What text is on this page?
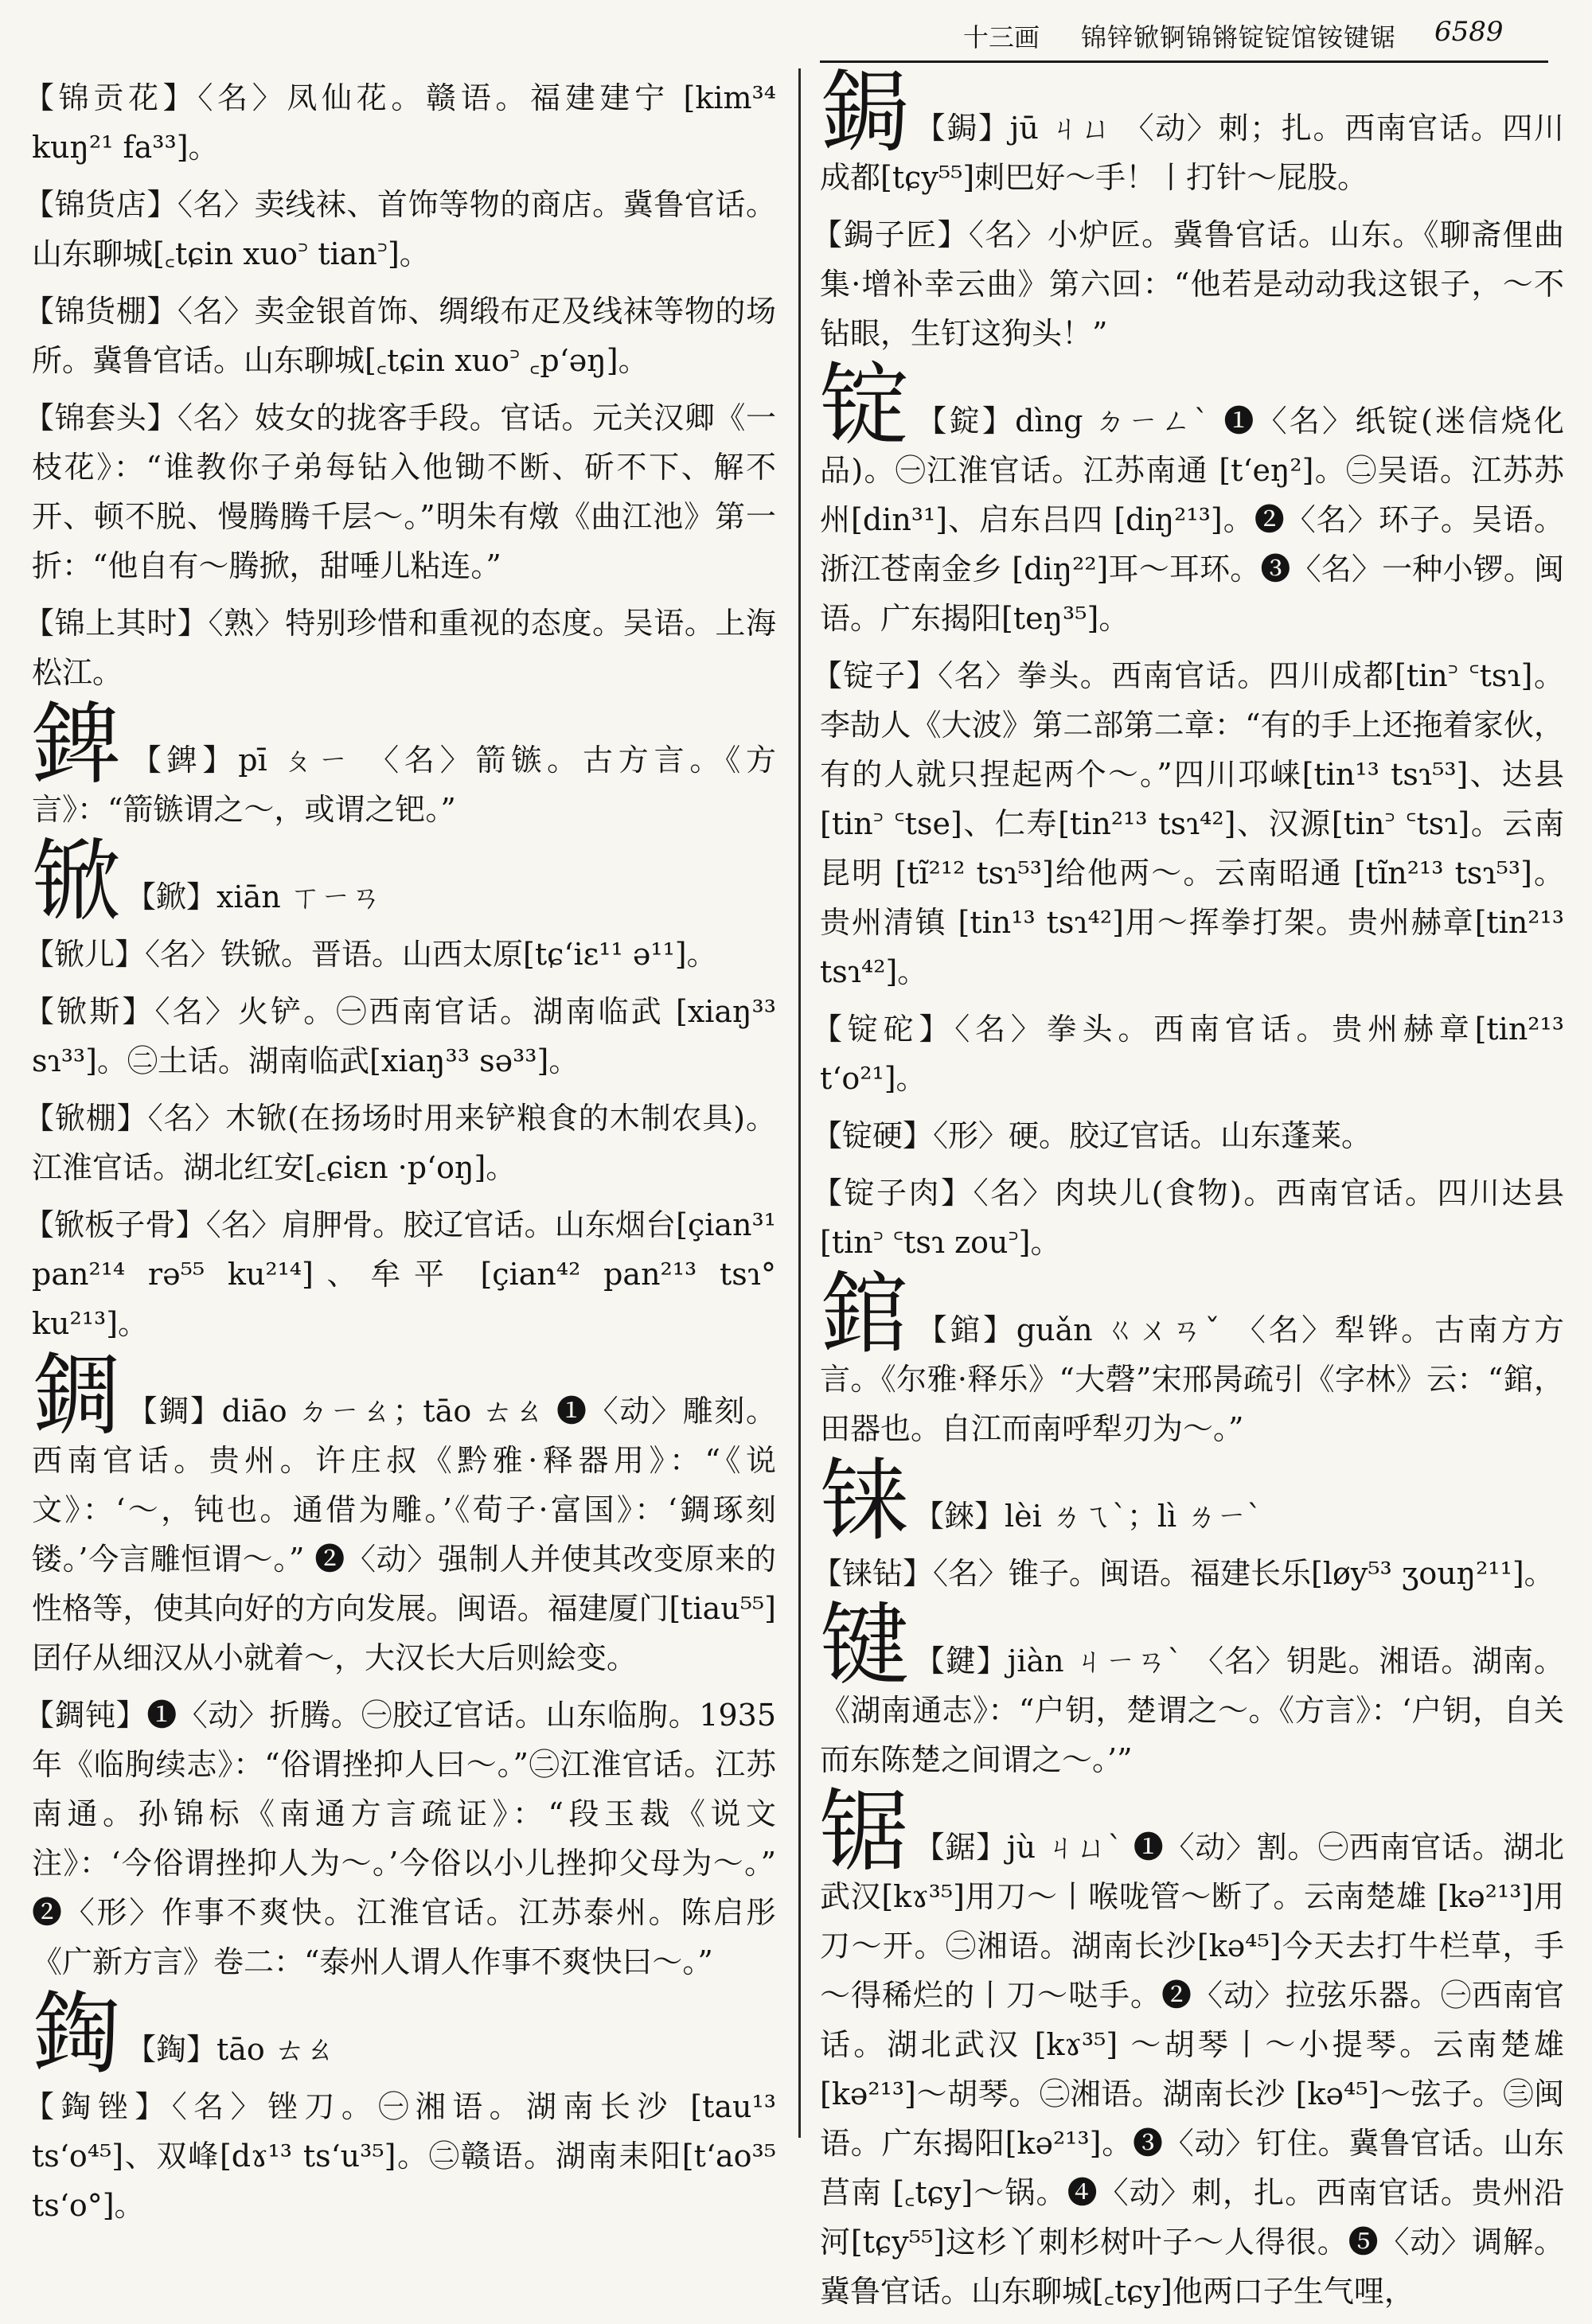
十三画 锦锌锨锕锦锵锭锭馆铵键锯 6589
【锦贡花】〈名〉凤仙花。赣语。福建建宁 [kim³⁴ kuŋ²¹ fa³³]。
【锦货店】〈名〉卖线袜、首饰等物的商店。冀鲁官话。山东聊城[꜀tɕin xuo꜄ tian꜄]。
【锦货棚】〈名〉卖金银首饰、绸缎布疋及线袜等物的场所。冀鲁官话。山东聊城[꜀tɕin xuo꜄ ꜀p‘əŋ]。
【锦套头】〈名〉妓女的拢客手段。官话。元关汉卿《一枝花》：“谁教你子弟每钻入他锄不断、斫不下、解不开、顿不脱、慢腾腾千层～。”明朱有燉《曲江池》第一折：“他自有～腾掀，甜唾儿粘连。”
【锦上其时】〈熟〉特别珍惜和重视的态度。吴语。上海松江。
錍 【錍】pī ㄆㄧ 〈名〉箭镞。古方言。《方言》：“箭镞谓之～，或谓之钯。”
锨 【鍁】xiān ㄒㄧㄢ
【锨儿】〈名〉铁锨。晋语。山西太原[tɕ‘iɛ¹¹ ə¹¹]。
【锨斯】〈名〉火铲。㊀西南官话。湖南临武 [xiaŋ³³ sɿ³³]。㊁土话。湖南临武[xiaŋ³³ sə³³]。
【锨棚】〈名〉木锨(在扬场时用来铲粮食的木制农具)。江淮官话。湖北红安[꜀ɕiɛn ·p‘oŋ]。
【锨板子骨】〈名〉肩胛骨。胶辽官话。山东烟台[çian³¹ pan²¹⁴ rə⁵⁵ ku²¹⁴]、牟平 [çian⁴² pan²¹³ tsɿ° ku²¹³]。
錭 【錭】diāo ㄉㄧㄠ；tāo ㄊㄠ ❶〈动〉雕刻。西南官话。贵州。许庄叔《黔雅·释器用》：“《说文》：‘～，钝也。通借为雕。’《荀子·富国》：‘錭琢刻镂。’今言雕恒谓～。” ❷〈动〉强制人并使其改变原来的性格等，使其向好的方向发展。闽语。福建厦门[tiau⁵⁵]囝仔从细汉从小就着～，大汉长大后则絵变。
【錭钝】❶〈动〉折腾。㊀胶辽官话。山东临朐。1935年《临朐续志》：“俗谓挫抑人曰～。”㊁江淮官话。江苏南通。孙锦标《南通方言疏证》：“段玉裁《说文注》：‘今俗谓挫抑人为～。’今俗以小儿挫抑父母为～。” ❷〈形〉作事不爽快。江淮官话。江苏泰州。陈启彤《广新方言》卷二：“泰州人谓人作事不爽快曰～。”
鋾 【鋾】tāo ㄊㄠ
【鋾锉】〈名〉锉刀。㊀湘语。湖南长沙 [tau¹³ ts‘o⁴⁵]、双峰[dɤ¹³ ts‘u³⁵]。㊁赣语。湖南耒阳[t‘ao³⁵ ts‘o°]。
鋦 【鋦】jū ㄐㄩ 〈动〉刺；扎。西南官话。四川成都[tɕy⁵⁵]刺巴好～手！丨打针～屁股。
【鋦子匠】〈名〉小炉匠。冀鲁官话。山东。《聊斋俚曲集·增补幸云曲》第六回：“他若是动动我这银子，～不钻眼，生钉这狗头！”
锭 【錠】dìng ㄉㄧㄥˋ ❶〈名〉纸锭(迷信烧化品)。㊀江淮官话。江苏南通 [t‘eŋ²]。㊁吴语。江苏苏州[din³¹]、启东吕四 [diŋ²¹³]。❷〈名〉环子。吴语。浙江苍南金乡 [diŋ²²]耳～耳环。❸〈名〉一种小锣。闽语。广东揭阳[teŋ³⁵]。
【锭子】〈名〉拳头。西南官话。四川成都[tin꜄ ꜂tsɿ]。李劼人《大波》第二部第二章：“有的手上还拖着家伙，有的人就只捏起两个～。”四川邛崃[tin¹³ tsɿ⁵³]、达县[tin꜄ ꜂tse]、仁寿[tin²¹³ tsɿ⁴²]、汉源[tin꜄ ꜂tsɿ]。云南昆明 [tĩ²¹² tsɿ⁵³]给他两～。云南昭通 [tĩn²¹³ tsɿ⁵³]。贵州清镇 [tin¹³ tsɿ⁴²]用～挥拳打架。贵州赫章[tin²¹³ tsɿ⁴²]。
【锭砣】〈名〉拳头。西南官话。贵州赫章[tin²¹³ t‘o²¹]。
【锭硬】〈形〉硬。胶辽官话。山东蓬莱。
【锭子肉】〈名〉肉块儿(食物)。西南官话。四川达县[tin꜄ ꜂tsɿ zou꜄]。
錧 【錧】guǎn ㄍㄨㄢˇ 〈名〉犁铧。古南方方言。《尔雅·释乐》“大磬”宋邢昺疏引《字林》云：“錧，田器也。自江而南呼犁刃为～。”
铼 【錸】lèi ㄌㄟˋ；lì ㄌㄧˋ
【铼钻】〈名〉锥子。闽语。福建长乐[løy⁵³ ʒouŋ²¹¹]。
键 【鍵】jiàn ㄐㄧㄢˋ 〈名〉钥匙。湘语。湖南。《湖南通志》：“户钥，楚谓之～。《方言》：‘户钥，自关而东陈楚之间谓之～。’”
锯 【鋸】jù ㄐㄩˋ ❶〈动〉割。㊀西南官话。湖北武汉[kɤ³⁵]用刀～丨喉咙管～断了。云南楚雄 [kə²¹³]用刀～开。㊁湘语。湖南长沙[kə⁴⁵]今天去打牛栏草，手～得稀烂的丨刀～哒手。❷〈动〉拉弦乐器。㊀西南官话。湖北武汉 [kɤ³⁵] ～胡琴丨～小提琴。云南楚雄[kə²¹³]～胡琴。㊁湘语。湖南长沙 [kə⁴⁵]～弦子。㊂闽语。广东揭阳[kə²¹³]。❸〈动〉钉住。冀鲁官话。山东莒南 [꜀tɕy]～锅。❹〈动〉刺，扎。西南官话。贵州沿河[tɕy⁵⁵]这杉丫刺杉树叶子～人得很。❺〈动〉调解。冀鲁官话。山东聊城[꜀tɕy]他两口子生气哩，
